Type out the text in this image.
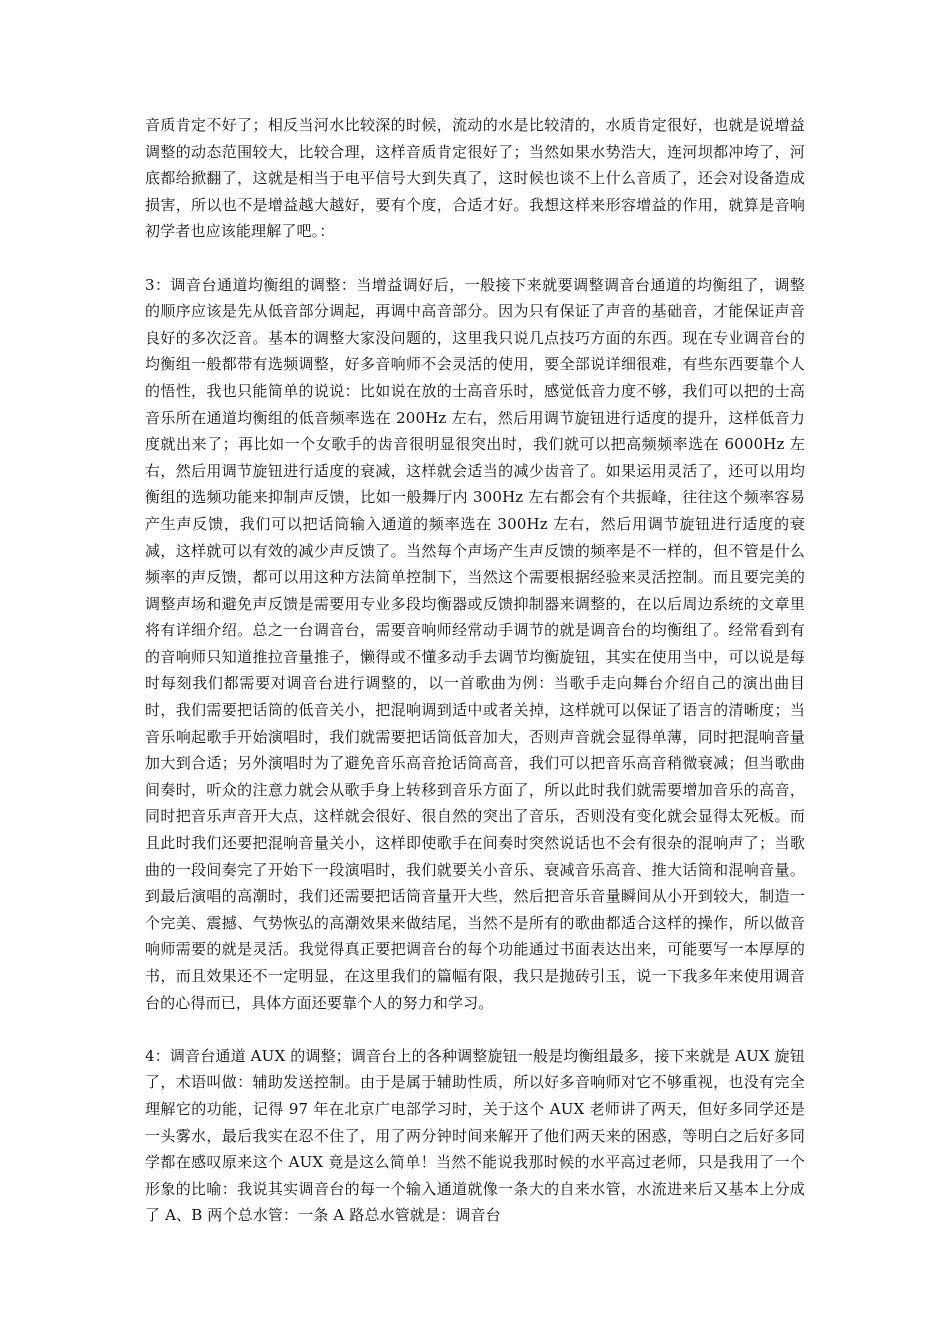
音质肯定不好了；相反当河水比较深的时候，流动的水是比较清的，水质肯定很好，也就是说增益调整的动态范围较大，比较合理，这样音质肯定很好了；当然如果水势浩大，连河坝都冲垮了，河底都给掀翻了，这就是相当于电平信号大到失真了，这时候也谈不上什么音质了，还会对设备造成损害，所以也不是增益越大越好，要有个度，合适才好。我想这样来形容增益的作用，就算是音响初学者也应该能理解了吧。：

3：调音台通道均衡组的调整：当增益调好后，一般接下来就要调整调音台通道的均衡组了，调整的顺序应该是先从低音部分调起，再调中高音部分。因为只有保证了声音的基础音，才能保证声音良好的多次泛音。基本的调整大家没问题的，这里我只说几点技巧方面的东西。现在专业调音台的均衡组一般都带有选频调整，好多音响师不会灵活的使用，要全部说详细很难，有些东西要靠个人的悟性，我也只能简单的说说：比如说在放的士高音乐时，感觉低音力度不够，我们可以把的士高音乐所在通道均衡组的低音频率选在 200Hz 左右，然后用调节旋钮进行适度的提升，这样低音力度就出来了；再比如一个女歌手的齿音很明显很突出时，我们就可以把高频频率选在 6000Hz 左右，然后用调节旋钮进行适度的衰减，这样就会适当的减少齿音了。如果运用灵活了，还可以用均衡组的选频功能来抑制声反馈，比如一般舞厅内 300Hz 左右都会有个共振峰，往往这个频率容易产生声反馈，我们可以把话筒输入通道的频率选在 300Hz 左右，然后用调节旋钮进行适度的衰减，这样就可以有效的减少声反馈了。当然每个声场产生声反馈的频率是不一样的，但不管是什么频率的声反馈，都可以用这种方法简单控制下，当然这个需要根据经验来灵活控制。而且要完美的调整声场和避免声反馈是需要用专业多段均衡器或反馈抑制器来调整的，在以后周边系统的文章里将有详细介绍。总之一台调音台，需要音响师经常动手调节的就是调音台的均衡组了。经常看到有的音响师只知道推拉音量推子，懒得或不懂多动手去调节均衡旋钮，其实在使用当中，可以说是每时每刻我们都需要对调音台进行调整的，以一首歌曲为例：当歌手走向舞台介绍自己的演出曲目时，我们需要把话筒的低音关小，把混响调到适中或者关掉，这样就可以保证了语言的清晰度；当音乐响起歌手开始演唱时，我们就需要把话筒低音加大，否则声音就会显得单薄，同时把混响音量加大到合适；另外演唱时为了避免音乐高音抢话筒高音，我们可以把音乐高音稍微衰减；但当歌曲间奏时，听众的注意力就会从歌手身上转移到音乐方面了，所以此时我们就需要增加音乐的高音，同时把音乐声音开大点，这样就会很好、很自然的突出了音乐，否则没有变化就会显得太死板。而且此时我们还要把混响音量关小，这样即使歌手在间奏时突然说话也不会有很杂的混响声了；当歌曲的一段间奏完了开始下一段演唱时，我们就要关小音乐、衰减音乐高音、推大话筒和混响音量。到最后演唱的高潮时，我们还需要把话筒音量开大些，然后把音乐音量瞬间从小开到较大，制造一个完美、震撼、气势恢弘的高潮效果来做结尾，当然不是所有的歌曲都适合这样的操作，所以做音响师需要的就是灵活。我觉得真正要把调音台的每个功能通过书面表达出来，可能要写一本厚厚的书，而且效果还不一定明显，在这里我们的篇幅有限，我只是抛砖引玉，说一下我多年来使用调音台的心得而已，具体方面还要靠个人的努力和学习。

4：调音台通道 AUX 的调整；调音台上的各种调整旋钮一般是均衡组最多，接下来就是 AUX 旋钮了，术语叫做：辅助发送控制。由于是属于辅助性质，所以好多音响师对它不够重视，也没有完全理解它的功能，记得 97 年在北京广电部学习时，关于这个 AUX 老师讲了两天，但好多同学还是一头雾水，最后我实在忍不住了，用了两分钟时间来解开了他们两天来的困惑，等明白之后好多同学都在感叹原来这个 AUX 竟是这么简单！当然不能说我那时候的水平高过老师，只是我用了一个形象的比喻：我说其实调音台的每一个输入通道就像一条大的自来水管，水流进来后又基本上分成了 A、B 两个总水管：一条 A 路总水管就是：调音台
